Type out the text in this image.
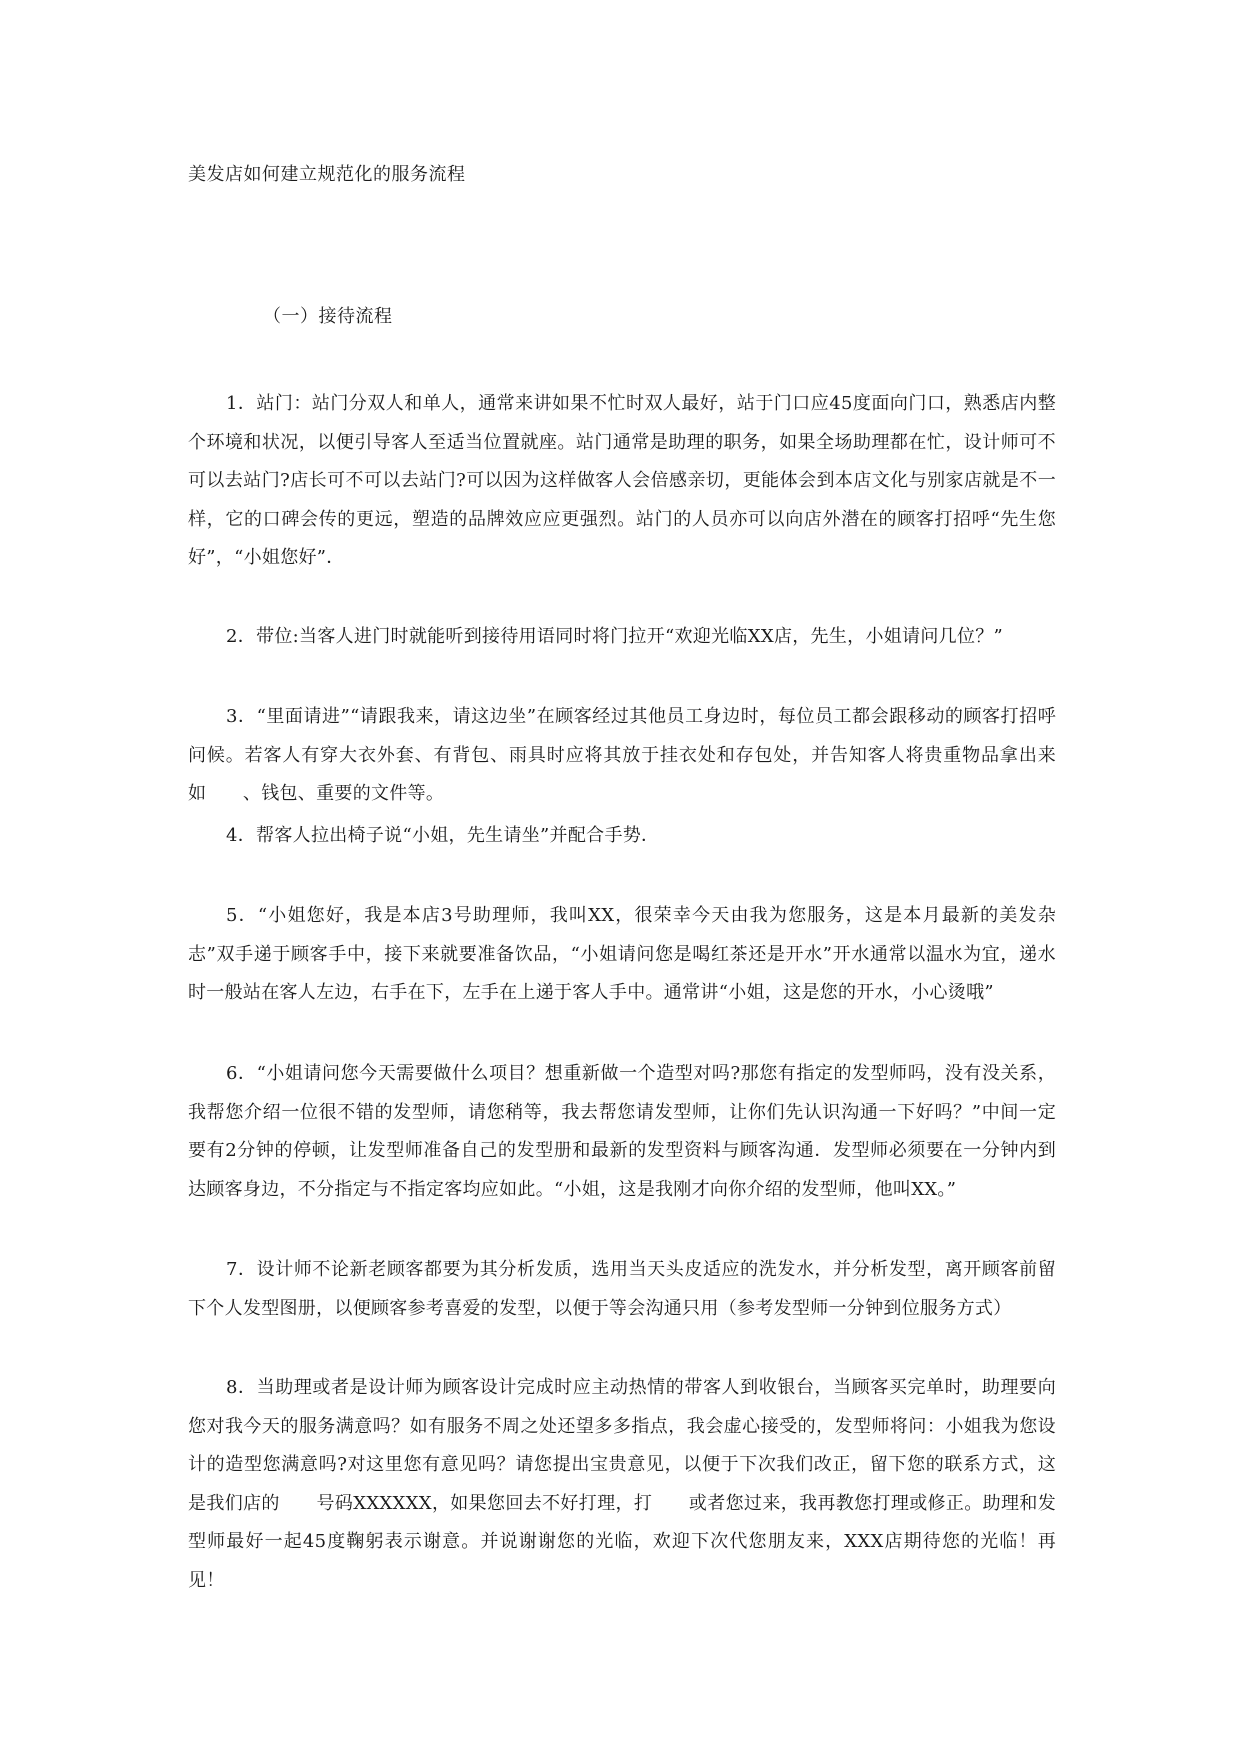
美发店如何建立规范化的服务流程
（一）接待流程

1．站门：站门分双人和单人，通常来讲如果不忙时双人最好，站于门口应45度面向门口，熟悉店内整个环境和状况，以便引导客人至适当位置就座。站门通常是助理的职务，如果全场助理都在忙，设计师可不可以去站门?店长可不可以去站门?可以因为这样做客人会倍感亲切，更能体会到本店文化与别家店就是不一样，它的口碑会传的更远，塑造的品牌效应应更强烈。站门的人员亦可以向店外潜在的顾客打招呼“先生您好”，“小姐您好”．

2．带位:当客人进门时就能听到接待用语同时将门拉开“欢迎光临XX店，先生，小姐请问几位？”

3．“里面请进”“请跟我来，请这边坐”在顾客经过其他员工身边时，每位员工都会跟移动的顾客打招呼问候。若客人有穿大衣外套、有背包、雨具时应将其放于挂衣处和存包处，并告知客人将贵重物品拿出来如　　、钱包、重要的文件等。

4．帮客人拉出椅子说“小姐，先生请坐”并配合手势．

5．“小姐您好，我是本店3号助理师，我叫XX，很荣幸今天由我为您服务，这是本月最新的美发杂志”双手递于顾客手中，接下来就要准备饮品，“小姐请问您是喝红茶还是开水”开水通常以温水为宜，递水时一般站在客人左边，右手在下，左手在上递于客人手中。通常讲“小姐，这是您的开水，小心烫哦”

6．“小姐请问您今天需要做什么项目？想重新做一个造型对吗?那您有指定的发型师吗，没有没关系，我帮您介绍一位很不错的发型师，请您稍等，我去帮您请发型师，让你们先认识沟通一下好吗？”中间一定要有2分钟的停顿，让发型师准备自己的发型册和最新的发型资料与顾客沟通．发型师必须要在一分钟内到达顾客身边，不分指定与不指定客均应如此。“小姐，这是我刚才向你介绍的发型师，他叫XX。”

7．设计师不论新老顾客都要为其分析发质，选用当天头皮适应的洗发水，并分析发型，离开顾客前留下个人发型图册，以便顾客参考喜爱的发型，以便于等会沟通只用（参考发型师一分钟到位服务方式）

8．当助理或者是设计师为顾客设计完成时应主动热情的带客人到收银台，当顾客买完单时，助理要向您对我今天的服务满意吗？如有服务不周之处还望多多指点，我会虚心接受的，发型师将问：小姐我为您设计的造型您满意吗?对这里您有意见吗？请您提出宝贵意见，以便于下次我们改正，留下您的联系方式，这是我们店的　　号码XXXXXX，如果您回去不好打理，打　　或者您过来，我再教您打理或修正。助理和发型师最好一起45度鞠躬表示谢意。并说谢谢您的光临，欢迎下次代您朋友来，XXX店期待您的光临！再见！
